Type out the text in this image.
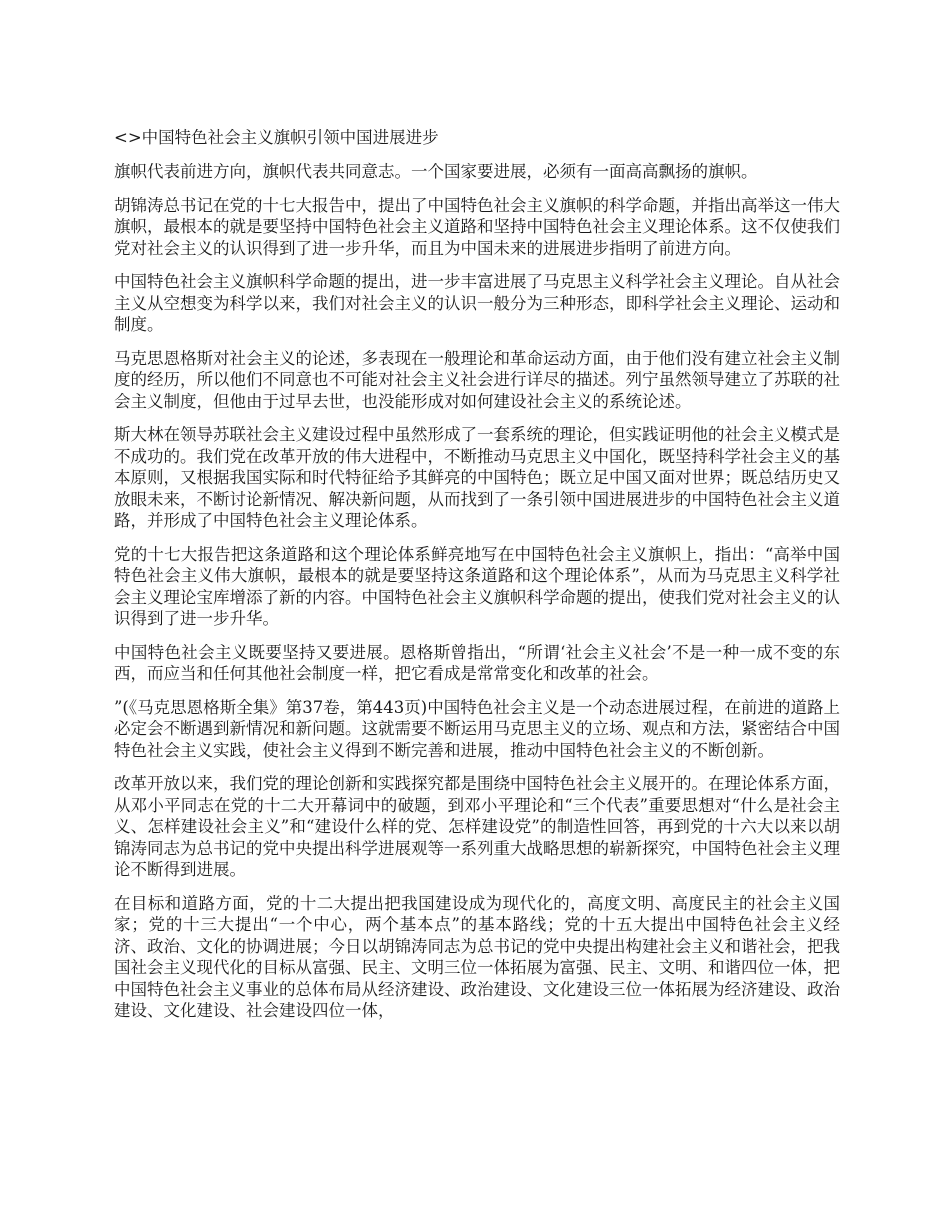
<>中国特色社会主义旗帜引领中国进展进步

旗帜代表前进方向，旗帜代表共同意志。一个国家要进展，必须有一面高高飘扬的旗帜。

胡锦涛总书记在党的十七大报告中，提出了中国特色社会主义旗帜的科学命题，并指出高举这一伟大旗帜，最根本的就是要坚持中国特色社会主义道路和坚持中国特色社会主义理论体系。这不仅使我们党对社会主义的认识得到了进一步升华，而且为中国未来的进展进步指明了前进方向。

中国特色社会主义旗帜科学命题的提出，进一步丰富进展了马克思主义科学社会主义理论。自从社会主义从空想变为科学以来，我们对社会主义的认识一般分为三种形态，即科学社会主义理论、运动和制度。

马克思恩格斯对社会主义的论述，多表现在一般理论和革命运动方面，由于他们没有建立社会主义制度的经历，所以他们不同意也不可能对社会主义社会进行详尽的描述。列宁虽然领导建立了苏联的社会主义制度，但他由于过早去世，也没能形成对如何建设社会主义的系统论述。

斯大林在领导苏联社会主义建设过程中虽然形成了一套系统的理论，但实践证明他的社会主义模式是不成功的。我们党在改革开放的伟大进程中，不断推动马克思主义中国化，既坚持科学社会主义的基本原则，又根据我国实际和时代特征给予其鲜亮的中国特色；既立足中国又面对世界；既总结历史又放眼未来，不断讨论新情况、解决新问题，从而找到了一条引领中国进展进步的中国特色社会主义道路，并形成了中国特色社会主义理论体系。

党的十七大报告把这条道路和这个理论体系鲜亮地写在中国特色社会主义旗帜上，指出：“高举中国特色社会主义伟大旗帜，最根本的就是要坚持这条道路和这个理论体系”，从而为马克思主义科学社会主义理论宝库增添了新的内容。中国特色社会主义旗帜科学命题的提出，使我们党对社会主义的认识得到了进一步升华。

中国特色社会主义既要坚持又要进展。恩格斯曾指出，“所谓‘社会主义社会’不是一种一成不变的东西，而应当和任何其他社会制度一样，把它看成是常常变化和改革的社会。

”(《马克思恩格斯全集》第37卷，第443页)中国特色社会主义是一个动态进展过程，在前进的道路上必定会不断遇到新情况和新问题。这就需要不断运用马克思主义的立场、观点和方法，紧密结合中国特色社会主义实践，使社会主义得到不断完善和进展，推动中国特色社会主义的不断创新。

改革开放以来，我们党的理论创新和实践探究都是围绕中国特色社会主义展开的。在理论体系方面，从邓小平同志在党的十二大开幕词中的破题，到邓小平理论和“三个代表”重要思想对“什么是社会主义、怎样建设社会主义”和“建设什么样的党、怎样建设党”的制造性回答，再到党的十六大以来以胡锦涛同志为总书记的党中央提出科学进展观等一系列重大战略思想的崭新探究，中国特色社会主义理论不断得到进展。

在目标和道路方面，党的十二大提出把我国建设成为现代化的，高度文明、高度民主的社会主义国家；党的十三大提出“一个中心，两个基本点”的基本路线；党的十五大提出中国特色社会主义经济、政治、文化的协调进展；今日以胡锦涛同志为总书记的党中央提出构建社会主义和谐社会，把我国社会主义现代化的目标从富强、民主、文明三位一体拓展为富强、民主、文明、和谐四位一体，把中国特色社会主义事业的总体布局从经济建设、政治建设、文化建设三位一体拓展为经济建设、政治建设、文化建设、社会建设四位一体，
